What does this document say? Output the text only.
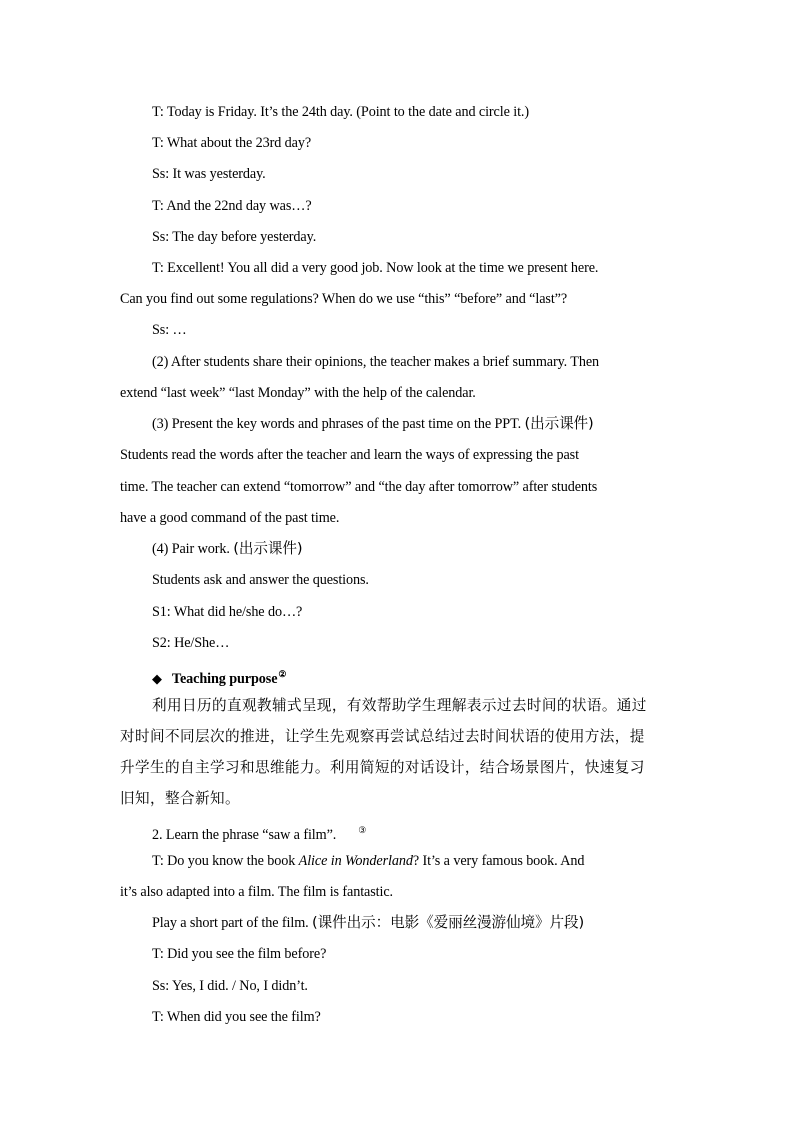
T: Today is Friday. It’s the 24th day. (Point to the date and circle it.)
T: What about the 23rd day?
Ss: It was yesterday.
T: And the 22nd day was…?
Ss: The day before yesterday.
T: Excellent! You all did a very good job. Now look at the time we present here.
Can you find out some regulations? When do we use “this” “before” and “last”?
Ss: …
(2) After students share their opinions, the teacher makes a brief summary. Then
extend “last week” “last Monday” with the help of the calendar.
(3) Present the key words and phrases of the past time on the PPT. (出示课件)
Students read the words after the teacher and learn the ways of expressing the past
time. The teacher can extend “tomorrow” and “the day after tomorrow” after students
have a good command of the past time.
(4) Pair work. (出示课件)
Students ask and answer the questions.
S1: What did he/she do…?
S2: He/She…
◆ Teaching purpose②
利用日历的直观教辅式呈现，有效帮助学生理解表示过去时间的状语。通过
对时间不同层次的推进，让学生先观察再尝试总结过去时间状语的使用方法，提
升学生的自主学习和思维能力。利用简短的对话设计，结合场景图片，快速复习
旧知，整合新知。
2. Learn the phrase “saw a film”. ③
T: Do you know the book Alice in Wonderland? It’s a very famous book. And
it’s also adapted into a film. The film is fantastic.
Play a short part of the film. (课件出示：电影《爱丽丝漫游仙境》片段)
T: Did you see the film before?
Ss: Yes, I did. / No, I didn’t.
T: When did you see the film?
